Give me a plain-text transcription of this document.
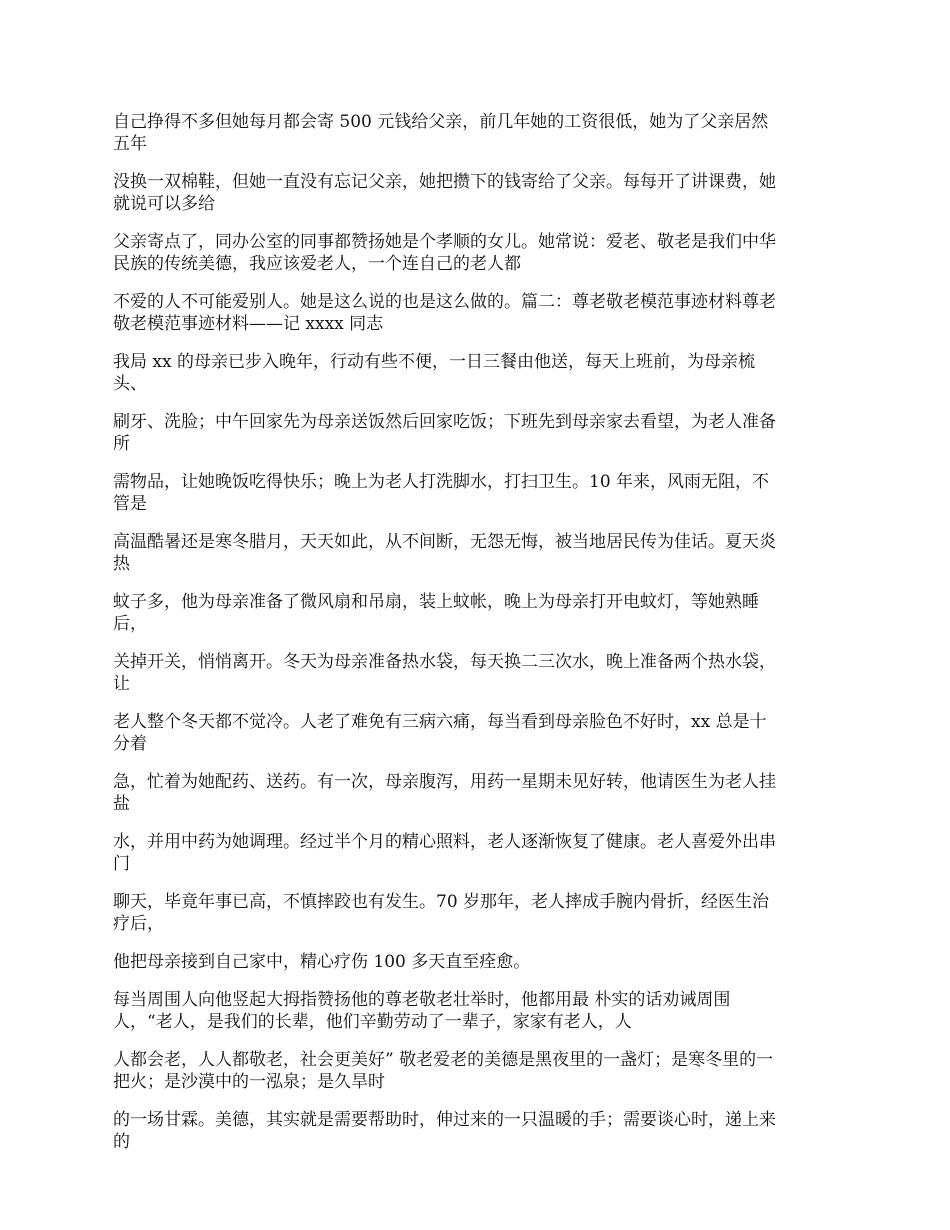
自己挣得不多但她每月都会寄 500 元钱给父亲，前几年她的工资很低，她为了父亲居然
五年

没换一双棉鞋，但她一直没有忘记父亲，她把攒下的钱寄给了父亲。每每开了讲课费，她
就说可以多给

父亲寄点了，同办公室的同事都赞扬她是个孝顺的女儿。她常说：爱老、敬老是我们中华
民族的传统美德，我应该爱老人，一个连自己的老人都

不爱的人不可能爱别人。她是这么说的也是这么做的。篇二：尊老敬老模范事迹材料尊老
敬老模范事迹材料——记 xxxx 同志

我局 xx 的母亲已步入晚年，行动有些不便，一日三餐由他送，每天上班前，为母亲梳
头、

刷牙、洗脸；中午回家先为母亲送饭然后回家吃饭；下班先到母亲家去看望，为老人准备
所

需物品，让她晚饭吃得快乐；晚上为老人打洗脚水，打扫卫生。10 年来，风雨无阻，不
管是

高温酷暑还是寒冬腊月，天天如此，从不间断，无怨无悔，被当地居民传为佳话。夏天炎
热

蚊子多，他为母亲准备了微风扇和吊扇，装上蚊帐，晚上为母亲打开电蚊灯，等她熟睡
后，

关掉开关，悄悄离开。冬天为母亲准备热水袋，每天换二三次水，晚上准备两个热水袋，
让

老人整个冬天都不觉冷。人老了难免有三病六痛，每当看到母亲脸色不好时，xx 总是十
分着

急，忙着为她配药、送药。有一次，母亲腹泻，用药一星期未见好转，他请医生为老人挂
盐

水，并用中药为她调理。经过半个月的精心照料，老人逐渐恢复了健康。老人喜爱外出串
门

聊天，毕竟年事已高，不慎摔跤也有发生。70 岁那年，老人摔成手腕内骨折，经医生治
疗后，

他把母亲接到自己家中，精心疗伤 100 多天直至痊愈。

每当周围人向他竖起大拇指赞扬他的尊老敬老壮举时，他都用最 朴实的话劝诫周围
人，“老人，是我们的长辈，他们辛勤劳动了一辈子，家家有老人，人

人都会老，人人都敬老，社会更美好” 敬老爱老的美德是黑夜里的一盏灯；是寒冬里的一
把火；是沙漠中的一泓泉；是久旱时

的一场甘霖。美德，其实就是需要帮助时，伸过来的一只温暖的手；需要谈心时，递上来
的
